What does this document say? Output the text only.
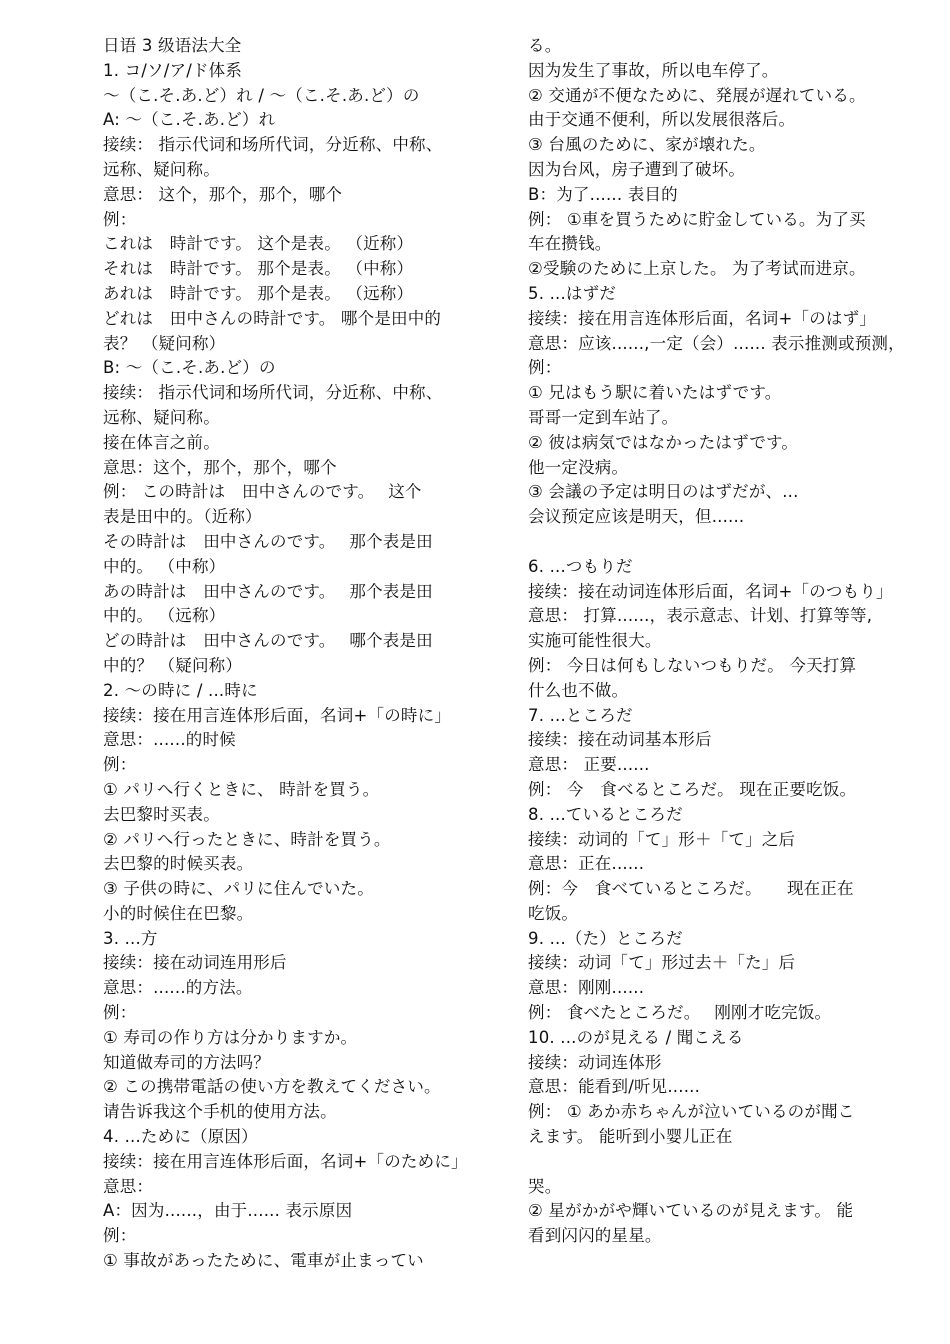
日语 3 级语法大全
1. コ/ソ/ア/ド体系
～（こ.そ.あ.ど）れ / ～（こ.そ.あ.ど）の
A: ～（こ.そ.あ.ど）れ
接续： 指示代词和场所代词，分近称、中称、
远称、疑问称。
意思： 这个，那个，那个，哪个
例：
これは　時計です。 这个是表。 （近称）
それは　時計です。 那个是表。 （中称）
あれは　時計です。 那个是表。 （远称）
どれは　田中さんの時計です。 哪个是田中的
表？ （疑问称）
B: ～（こ.そ.あ.ど）の
接续： 指示代词和场所代词，分近称、中称、
远称、疑问称。
接在体言之前。
意思：这个，那个，那个，哪个
例： この時計は　田中さんのです。　 这个
表是田中的。（近称）
その時計は　田中さんのです。　 那个表是田
中的。 （中称）
あの時計は　田中さんのです。　 那个表是田
中的。 （远称）
どの時計は　田中さんのです。　 哪个表是田
中的？ （疑问称）
2. ～の時に / ...時に
接续：接在用言连体形后面，名词+「の時に」
意思：......的时候
例：
① パリへ行くときに、 時計を買う。
去巴黎时买表。
② パリへ行ったときに、時計を買う。
去巴黎的时候买表。
③ 子供の時に、パリに住んでいた。
小的时候住在巴黎。
3. ...方
接续：接在动词连用形后
意思：......的方法。
例：
① 寿司の作り方は分かりますか。
知道做寿司的方法吗？
② この携帯電話の使い方を教えてください。
请告诉我这个手机的使用方法。
4. ...ために（原因）
接续：接在用言连体形后面，名词+「のために」
意思：
A：因为......，由于...... 表示原因
例：
① 事故があったために、電車が止まってい
る。
因为发生了事故，所以电车停了。
② 交通が不便なために、発展が遅れている。
由于交通不便利，所以发展很落后。
③ 台風のために、家が壊れた。
因为台风，房子遭到了破坏。
B：为了...... 表目的
例： ①車を買うために貯金している。为了买
车在攒钱。
②受験のために上京した。 为了考试而进京。
5. ...はずだ
接续：接在用言连体形后面，名词+「のはず」
意思：应该......,一定（会）...... 表示推测或预测，
例：
① 兄はもう駅に着いたはずです。
哥哥一定到车站了。
② 彼は病気ではなかったはずです。
他一定没病。
③ 会議の予定は明日のはずだが、...
会议预定应该是明天，但......
6. ...つもりだ
接续：接在动词连体形后面，名词+「のつもり」
意思： 打算......，表示意志、计划、打算等等,
实施可能性很大。
例： 今日は何もしないつもりだ。 今天打算
什么也不做。
7. ...ところだ
接续：接在动词基本形后
意思： 正要......
例： 今　食べるところだ。 现在正要吃饭。
8. ...ているところだ
接续：动词的「て」形＋「て」之后
意思：正在......
例：今　食べているところだ。　　现在正在
吃饭。
9. ...（た）ところだ
接续：动词「て」形过去＋「た」后
意思：刚刚......
例： 食べたところだ。　 刚刚才吃完饭。
10. ...のが見える / 聞こえる
接续：动词连体形
意思：能看到/听见......
例： ① あか赤ちゃんが泣いているのが聞こ
えます。 能听到小婴儿正在
哭。
② 星がかがや輝いているのが見えます。 能
看到闪闪的星星。
